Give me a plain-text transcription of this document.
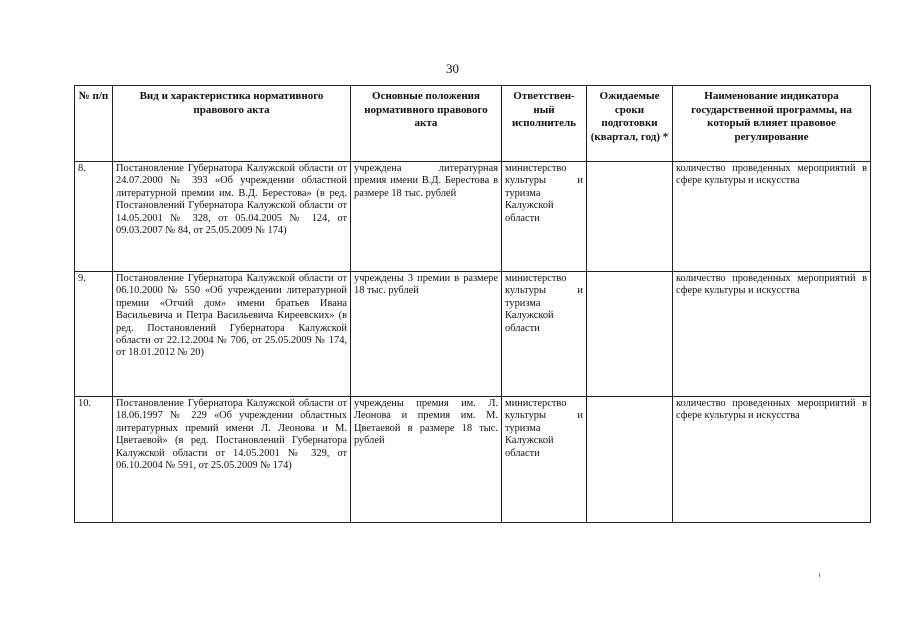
30
№ п/п	Вид и характеристика нормативного правового акта	Основные положения нормативного правового акта	Ответствен-ный исполнитель	Ожидаемые сроки подготовки (квартал, год) *	Наименование индикатора государственной программы, на который влияет правовое регулирование
8.	Постановление Губернатора Калужской области от 24.07.2000 № 393 «Об учреждении областной литературной премии им. В.Д. Берестова» (в ред. Постановлений Губернатора Калужской области от 14.05.2001 № 328, от 05.04.2005 № 124, от 09.03.2007 № 84, от 25.05.2009 № 174)	учреждена литературная премия имени В.Д. Берестова в размере 18 тыс. рублей	министерство культуры и туризма Калужской области		количество проведенных мероприятий в сфере культуры и искусства
9.	Постановление Губернатора Калужской области от 06.10.2000 № 550 «Об учреждении литературной премии «Отчий дом» имени братьев Ивана Васильевича и Петра Васильевича Киреевских» (в ред. Постановлений Губернатора Калужской области от 22.12.2004 № 706, от 25.05.2009 № 174, от 18.01.2012 № 20)	учреждены 3 премии в размере 18 тыс. рублей	министерство культуры и туризма Калужской области		количество проведенных мероприятий в сфере культуры и искусства
10.	Постановление Губернатора Калужской области от 18.06.1997 № 229 «Об учреждении областных литературных премий имени Л. Леонова и М. Цветаевой» (в ред. Постановлений Губернатора Калужской области от 14.05.2001 № 329, от 06.10.2004 № 591, от 25.05.2009 № 174)	учреждены премия им. Л. Леонова и премия им. М. Цветаевой в размере 18 тыс. рублей	министерство культуры и туризма Калужской области		количество проведенных мероприятий в сфере культуры и искусства
